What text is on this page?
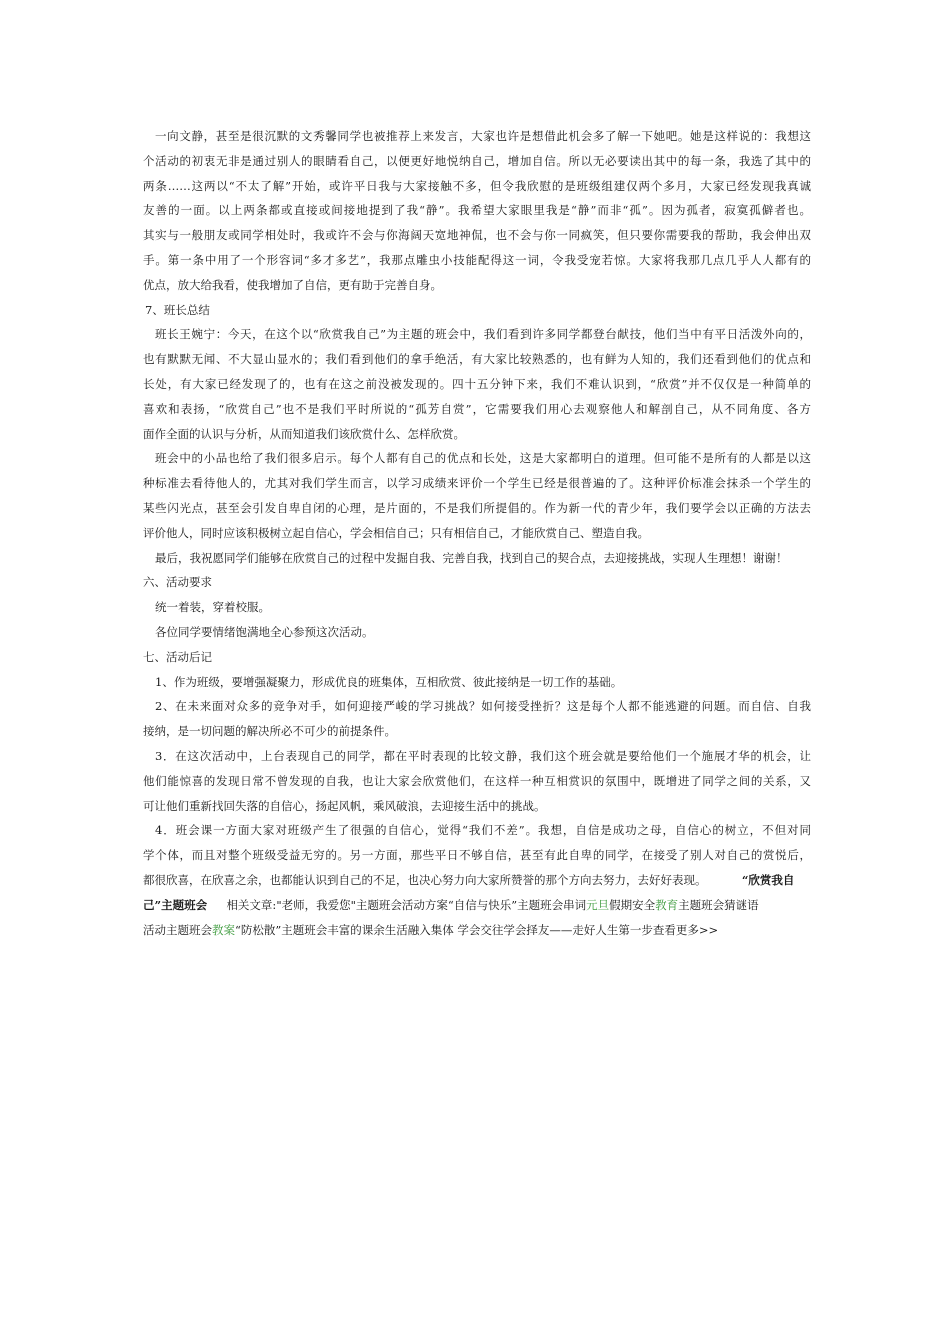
一向文静，甚至是很沉默的文秀馨同学也被推荐上来发言，大家也许是想借此机会多了解一下她吧。她是这样说的：我想这
个活动的初衷无非是通过别人的眼睛看自己，以便更好地悦纳自己，增加自信。所以无必要读出其中的每一条，我选了其中的
两条……这两以“不太了解”开始，或许平日我与大家接触不多，但令我欣慰的是班级组建仅两个多月，大家已经发现我真诚
友善的一面。以上两条都或直接或间接地提到了我“静”。我希望大家眼里我是“静”而非“孤”。因为孤者，寂寞孤僻者也。
其实与一般朋友或同学相处时，我或许不会与你海阔天宽地神侃，也不会与你一同疯笑，但只要你需要我的帮助，我会伸出双
手。第一条中用了一个形容词“多才多艺”，我那点雕虫小技能配得这一词，令我受宠若惊。大家将我那几点几乎人人都有的
优点，放大给我看，使我增加了自信，更有助于完善自身。
7、班长总结
班长王婉宁：今天，在这个以“欣赏我自己”为主题的班会中，我们看到许多同学都登台献技，他们当中有平日活泼外向的，
也有默默无闻、不大显山显水的；我们看到他们的拿手绝活，有大家比较熟悉的，也有鲜为人知的，我们还看到他们的优点和
长处，有大家已经发现了的，也有在这之前没被发现的。四十五分钟下来，我们不难认识到，“欣赏”并不仅仅是一种简单的
喜欢和表扬，“欣赏自己”也不是我们平时所说的“孤芳自赏”，它需要我们用心去观察他人和解剖自己，从不同角度、各方
面作全面的认识与分析，从而知道我们该欣赏什么、怎样欣赏。
班会中的小品也给了我们很多启示。每个人都有自己的优点和长处，这是大家都明白的道理。但可能不是所有的人都是以这
种标准去看待他人的，尤其对我们学生而言，以学习成绩来评价一个学生已经是很普遍的了。这种评价标准会抹杀一个学生的
某些闪光点，甚至会引发自卑自闭的心理，是片面的，不是我们所提倡的。作为新一代的青少年，我们要学会以正确的方法去
评价他人，同时应该积极树立起自信心，学会相信自己；只有相信自己，才能欣赏自己、塑造自我。
最后，我祝愿同学们能够在欣赏自己的过程中发掘自我、完善自我，找到自己的契合点，去迎接挑战，实现人生理想！谢谢！
六、活动要求
统一着装，穿着校服。
各位同学要情绪饱满地全心参预这次活动。
七、活动后记
1、作为班级，要增强凝聚力，形成优良的班集体，互相欣赏、彼此接纳是一切工作的基础。
2、在未来面对众多的竞争对手，如何迎接严峻的学习挑战？如何接受挫折？这是每个人都不能逃避的问题。而自信、自我
接纳，是一切问题的解决所必不可少的前提条件。
3．在这次活动中，上台表现自己的同学，都在平时表现的比较文静，我们这个班会就是要给他们一个施展才华的机会，让
他们能惊喜的发现日常不曾发现的自我，也让大家会欣赏他们，在这样一种互相赏识的氛围中，既增进了同学之间的关系，又
可让他们重新找回失落的自信心，扬起风帆，乘风破浪，去迎接生活中的挑战。
4．班会课一方面大家对班级产生了很强的自信心，觉得“我们不差”。我想，自信是成功之母，自信心的树立，不但对同
学个体，而且对整个班级受益无穷的。另一方面，那些平日不够自信，甚至有此自卑的同学，在接受了别人对自己的赏悦后，
都很欣喜，在欣喜之余，也都能认识到自己的不足，也决心努力向大家所赞誉的那个方向去努力，去好好表现。	“欣赏我自
己”主题班会 相关文章:"老师，我爱您"主题班会活动方案“自信与快乐”主题班会串词元旦假期安全教育主题班会猜谜语
活动主题班会教案“防松散”主题班会丰富的课余生活融入集体 学会交往学会择友——走好人生第一步查看更多>>
